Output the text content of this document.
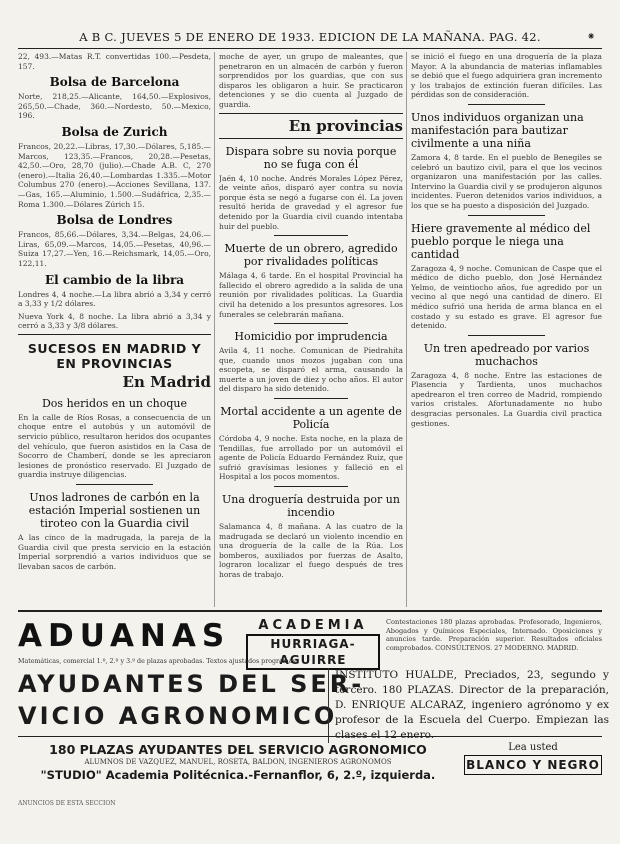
A B C. JUEVES 5 DE ENERO DE 1933. EDICION DE LA MAÑANA. PAG. 42.	⁕

22, 493.—Matas R.T. convertidas 100.—Pesdeta, 157.

Bolsa de Barcelona

Norte, 218,25.—Alicante, 164,50.—Explosivos, 265,50.—Chade, 360.—Nordesto, 50.—Mexico, 196.

Bolsa de Zurich

Francos, 20,22.—Libras, 17,30.—Dólares, 5,185.—Marcos, 123,35.—Francos, 20,28.—Pesetas, 42,50.—Oro, 28,70 (julio).—Chade A.B. C, 270 (enero).—Italia 26,40.—Lombardas 1.335.—Motor Columbus 270 (enero).—Acciones Sevillana, 137.—Gas, 165.—Aluminio, 1.500.—Sudáfrica, 2,35.—Roma 1.300.—Dólares Zúrich 15.

Bolsa de Londres

Francos, 85,66.—Dólares, 3,34.—Belgas, 24,06.—Liras, 65,09.—Marcos, 14,05.—Pesetas, 40,96.—Suiza 17,27.—Yen, 16.—Reichsmark, 14,05.—Oro, 122,11.

El cambio de la libra

Londres 4, 4 noche.—La libra abrió a 3,34 y cerró a 3,33 y 1/2 dólares.

Nueva York 4, 8 noche. La libra abrió a 3,34 y cerró a 3,33 y 3/8 dólares.

SUCESOS EN MADRID Y EN PROVINCIAS
En Madrid
Dos heridos en un choque

En la calle de Ríos Rosas, a consecuencia de un choque entre el autobús y un automóvil de servicio público, resultaron heridos dos ocupantes del vehículo, que fueron asistidos en la Casa de Socorro de Chamberí, donde se les apreciaron lesiones de pronóstico reservado. El Juzgado de guardia instruye diligencias.

Unos ladrones de carbón en la estación Imperial sostienen un tiroteo con la Guardia civil

A las cinco de la madrugada, la pareja de la Guardia civil que presta servicio en la estación Imperial sorprendió a varios individuos que se llevaban sacos de carbón.

moche de ayer, un grupo de maleantes, que penetraron en un almacén de carbón y fueron sorprendidos por los guardias, que con sus disparos les obligaron a huir. Se practicaron detenciones y se dio cuenta al Juzgado de guardia.

En provincias
Dispara sobre su novia porque no se fuga con él

Jaén 4, 10 noche. Andrés Morales López Pérez, de veinte años, disparó ayer contra su novia porque ésta se negó a fugarse con él. La joven resultó herida de gravedad y el agresor fue detenido por la Guardia civil cuando intentaba huir del pueblo.

Muerte de un obrero, agredido por rivalidades políticas

Málaga 4, 6 tarde. En el hospital Provincial ha fallecido el obrero agredido a la salida de una reunión por rivalidades políticas. La Guardia civil ha detenido a los presuntos agresores. Los funerales se celebrarán mañana.

Homicidio por imprudencia

Avila 4, 11 noche. Comunican de Piedrahíta que, cuando unos mozos jugaban con una escopeta, se disparó el arma, causando la muerte a un joven de diez y ocho años. El autor del disparo ha sido detenido.

Mortal accidente a un agente de Policía

Córdoba 4, 9 noche. Esta noche, en la plaza de Tendillas, fue arrollado por un automóvil el agente de Policía Eduardo Fernández Ruiz, que sufrió gravísimas lesiones y falleció en el Hospital a los pocos momentos.

Una droguería destruida por un incendio

Salamanca 4, 8 mañana. A las cuatro de la madrugada se declaró un violento incendio en una droguería de la calle de la Rúa. Los bomberos, auxiliados por fuerzas de Asalto, lograron localizar el fuego después de tres horas de trabajo.

se inició el fuego en una droguería de la plaza Mayor. A la abundancia de materias inflamables se debió que el fuego adquiriera gran incremento y los trabajos de extinción fueran difíciles. Las pérdidas son de consideración.

Unos individuos organizan una manifestación para bautizar civilmente a una niña

Zamora 4, 8 tarde. En el pueblo de Benegiles se celebró un bautizo civil, para el que los vecinos organizaron una manifestación por las calles. Intervino la Guardia civil y se produjeron algunos incidentes. Fueron detenidos varios individuos, a los que se ha puesto a disposición del Juzgado.

Hiere gravemente al médico del pueblo porque le niega una cantidad

Zaragoza 4, 9 noche. Comunican de Caspe que el médico de dicho pueblo, don José Hernández Yelmo, de veintiocho años, fue agredido por un vecino al que negó una cantidad de dinero. El médico sufrió una herida de arma blanca en el costado y su estado es grave. El agresor fue detenido.

Un tren apedreado por varios muchachos

Zaragoza 4, 8 noche. Entre las estaciones de Plasencia y Tardienta, unos muchachos apedrearon el tren correo de Madrid, rompiendo varios cristales. Afortunadamente no hubo desgracias personales. La Guardia civil practica gestiones.

ADUANAS	ACADEMIA
HURRIAGA-AGUIRRE
Contestaciones 180 plazas aprobadas. Profesorado, Ingenieros, Abogados y Químicos Especiales, Internado. Oposiciones y anuncios tarde. Preparación superior. Resultados oficiales comprobados. CONSÚLTENOS. 27 MODERNO. MADRID.
Matemáticas, comercial 1.º, 2.º y 3.º de plazas aprobadas. Textos ajustados programas.
AYUDANTES DEL SER-
VICIO AGRONOMICO
INSTITUTO HUALDE, Preciados, 23, segundo y tercero. 180 PLAZAS. Director de la preparación, D. ENRIQUE ALCARAZ, ingeniero agrónomo y ex profesor de la Escuela del Cuerpo. Empiezan las clases el 12 enero.
180 PLAZAS AYUDANTES DEL SERVICIO AGRONOMICO
ALUMNOS DE VAZQUEZ, MANUEL, ROSETA, BALDON, INGENIEROS AGRONOMOS
"STUDIO" Academia Politécnica.-Fernanflor, 6, 2.º, izquierda.
Lea usted
BLANCO Y NEGRO
ANUNCIOS DE ESTA SECCION
